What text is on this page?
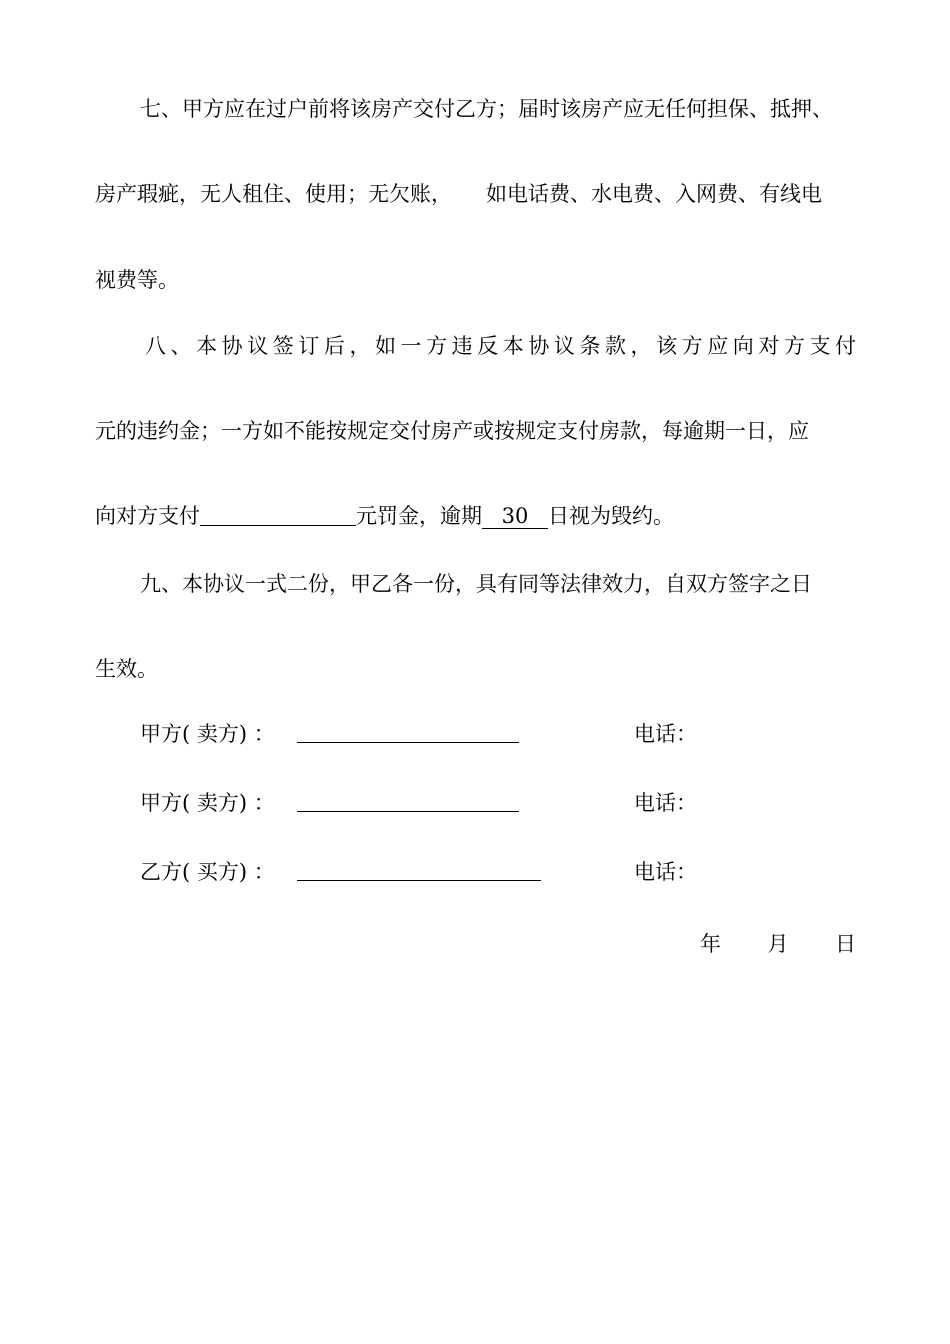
七、甲方应在过户前将该房产交付乙方；届时该房产应无任何担保、抵押、
房产瑕疵，无人租住、使用；无欠账， 如电话费、水电费、入网费、有线电
视费等。
八、本协议签订后，如一方违反本协议条款，该方应向对方支付
元的违约金；一方如不能按规定交付房产或按规定支付房款，每逾期一日，应
向对方支付	元罚金，逾期 30 日视为毁约。
九、本协议一式二份，甲乙各一份，具有同等法律效力，自双方签字之日
生效。
甲方( 卖方) ：	电话：
甲方( 卖方) ：	电话：
乙方( 买方) ：	电话：
年 月 日
